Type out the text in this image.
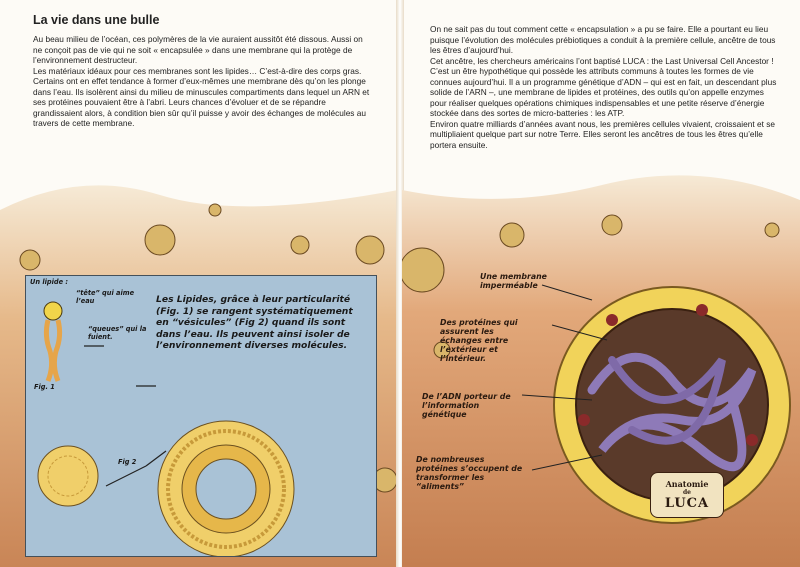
La vie dans une bulle

Au beau milieu de l’océan, ces polymères de la vie auraient aussitôt été dissous. Aussi on ne conçoit pas de vie qui ne soit « encapsulée » dans une membrane qui la protège de l’environnement destructeur.

Les matériaux idéaux pour ces membranes sont les lipides… C’est-à-dire des corps gras. Certains ont en effet tendance à former d’eux-mêmes une membrane dès qu’on les plonge dans l’eau. Ils isolèrent ainsi du milieu de minuscules compartiments dans lequel un ARN et ses protéines pouvaient être à l’abri. Leurs chances d’évoluer et de se répandre grandissaient alors, à condition bien sûr qu’il puisse y avoir des échanges de molécules au travers de cette membrane.

Un lipide :

“tête” qui aime l’eau

“queues” qui la fuient.

Fig. 1

Fig 2

Les Lipides, grâce à leur particularité (Fig. 1) se rangent systématiquement en “vésicules” (Fig 2) quand ils sont dans l’eau. Ils peuvent ainsi isoler de l’environnement diverses molécules.

On ne sait pas du tout comment cette « encapsulation » a pu se faire. Elle a pourtant eu lieu puisque l’évolution des molécules prébiotiques a conduit à la première cellule, ancêtre de tous les êtres d’aujourd’hui.

Cet ancêtre, les chercheurs américains l’ont baptisé LUCA : the Last Universal Cell Ancestor ! C’est un être hypothétique qui possède les attributs communs à toutes les formes de vie connues aujourd’hui. Il a un programme génétique d’ADN – qui est en fait, un descendant plus solide de l’ARN –, une membrane de lipides et protéines, des outils qu’on appelle enzymes pour réaliser quelques opérations chimiques indispensables et une petite réserve d’énergie stockée dans des sortes de micro-batteries : les ATP.

Environ quatre milliards d’années avant nous, les premières cellules vivaient, croissaient et se multipliaient quelque part sur notre Terre. Elles seront les ancêtres de tous les êtres qu’elle portera ensuite.

Une membrane imperméable
Des protéines qui assurent les échanges entre l’extérieur et l’intérieur.
De l’ADN porteur de l’information génétique
De nombreuses protéines s’occupent de transformer les “aliments”	Anatomie
de
LUCA
